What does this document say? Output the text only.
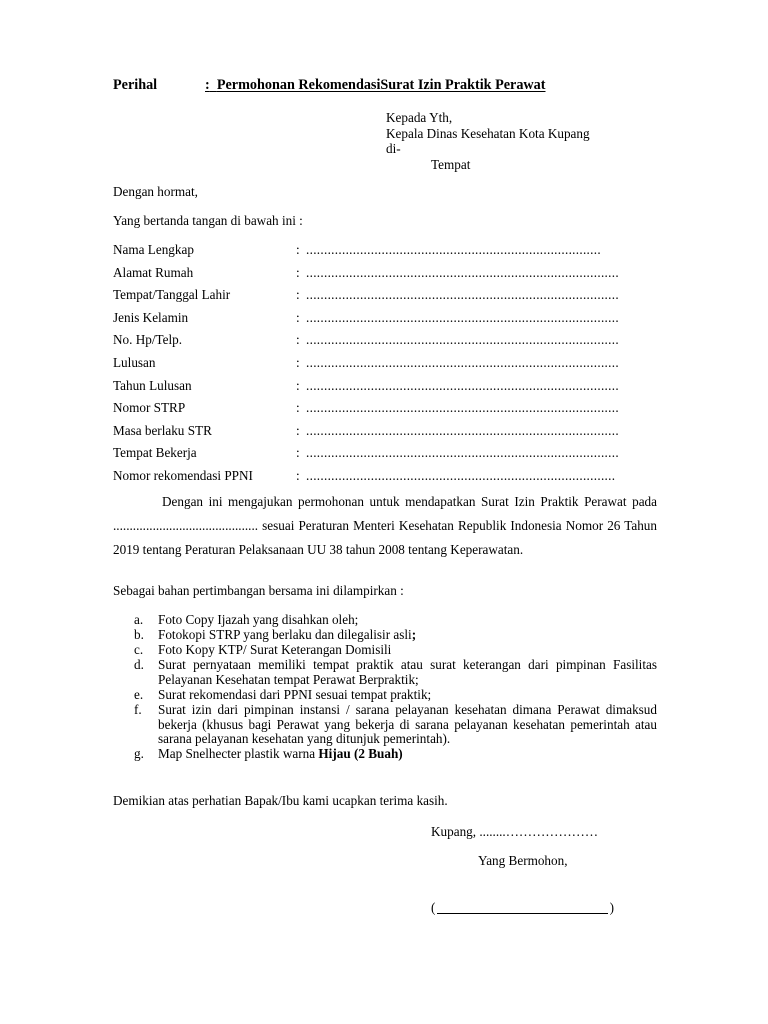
Perihal	: Permohonan RekomendasiSurat Izin Praktik Perawat
Kepada Yth,
Kepala Dinas Kesehatan Kota Kupang
di-
Tempat
Dengan hormat,
Yang bertanda tangan di bawah ini :
Nama Lengkap	: ..................................................................................
Alamat Rumah	: .......................................................................................
Tempat/Tanggal Lahir	: .......................................................................................
Jenis Kelamin	: .......................................................................................
No. Hp/Telp.	: .......................................................................................
Lulusan	: .......................................................................................
Tahun Lulusan	: .......................................................................................
Nomor STRP	: .......................................................................................
Masa berlaku STR	: .......................................................................................
Tempat Bekerja	: .......................................................................................
Nomor rekomendasi PPNI	: ......................................................................................

Dengan ini mengajukan permohonan untuk mendapatkan Surat Izin Praktik Perawat pada ............................................ sesuai Peraturan Menteri Kesehatan Republik Indonesia Nomor 26 Tahun 2019 tentang Peraturan Pelaksanaan UU 38 tahun 2008 tentang Keperawatan.

Sebagai bahan pertimbangan bersama ini dilampirkan :
a.	Foto Copy Ijazah yang disahkan oleh;
b.	Fotokopi STRP yang berlaku dan dilegalisir asli;
c.	Foto Kopy KTP/ Surat Keterangan Domisili
d.	Surat pernyataan memiliki tempat praktik atau surat keterangan dari pimpinan Fasilitas Pelayanan Kesehatan tempat Perawat Berpraktik;
e.	Surat rekomendasi dari PPNI sesuai tempat praktik;
f.	Surat izin dari pimpinan instansi / sarana pelayanan kesehatan dimana Perawat dimaksud bekerja (khusus bagi Perawat yang bekerja di sarana pelayanan kesehatan pemerintah atau sarana pelayanan kesehatan yang ditunjuk pemerintah).
g.	Map Snelhecter plastik warna Hijau (2 Buah)
Demikian atas perhatian Bapak/Ibu kami ucapkan terima kasih.
Kupang, ........…………………
Yang Bermohon,
(	)
